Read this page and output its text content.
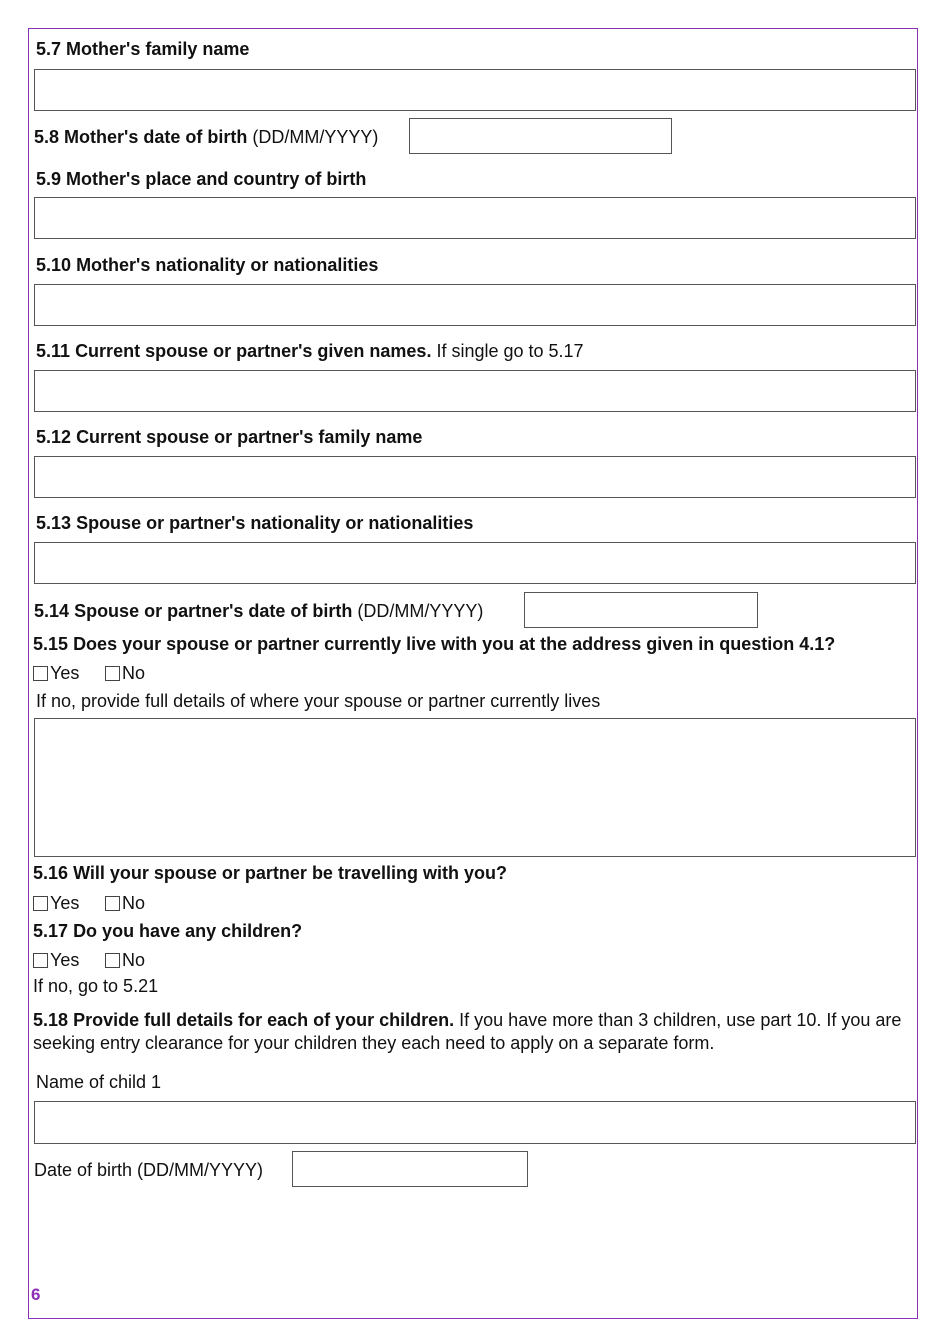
5.7 Mother's family name
5.8 Mother's date of birth (DD/MM/YYYY)
5.9 Mother's place and country of birth
5.10 Mother's nationality or nationalities
5.11 Current spouse or partner's given names. If single go to 5.17
5.12 Current spouse or partner's family name
5.13 Spouse or partner's nationality or nationalities
5.14 Spouse or partner's date of birth (DD/MM/YYYY)
5.15 Does your spouse or partner currently live with you at the address given in question 4.1?
Yes No
If no, provide full details of where your spouse or partner currently lives
5.16 Will your spouse or partner be travelling with you?
Yes No
5.17 Do you have any children?
Yes No
If no, go to 5.21
5.18 Provide full details for each of your children. If you have more than 3 children, use part 10. If you are seeking entry clearance for your children they each need to apply on a separate form.
Name of child 1
Date of birth (DD/MM/YYYY)
6
